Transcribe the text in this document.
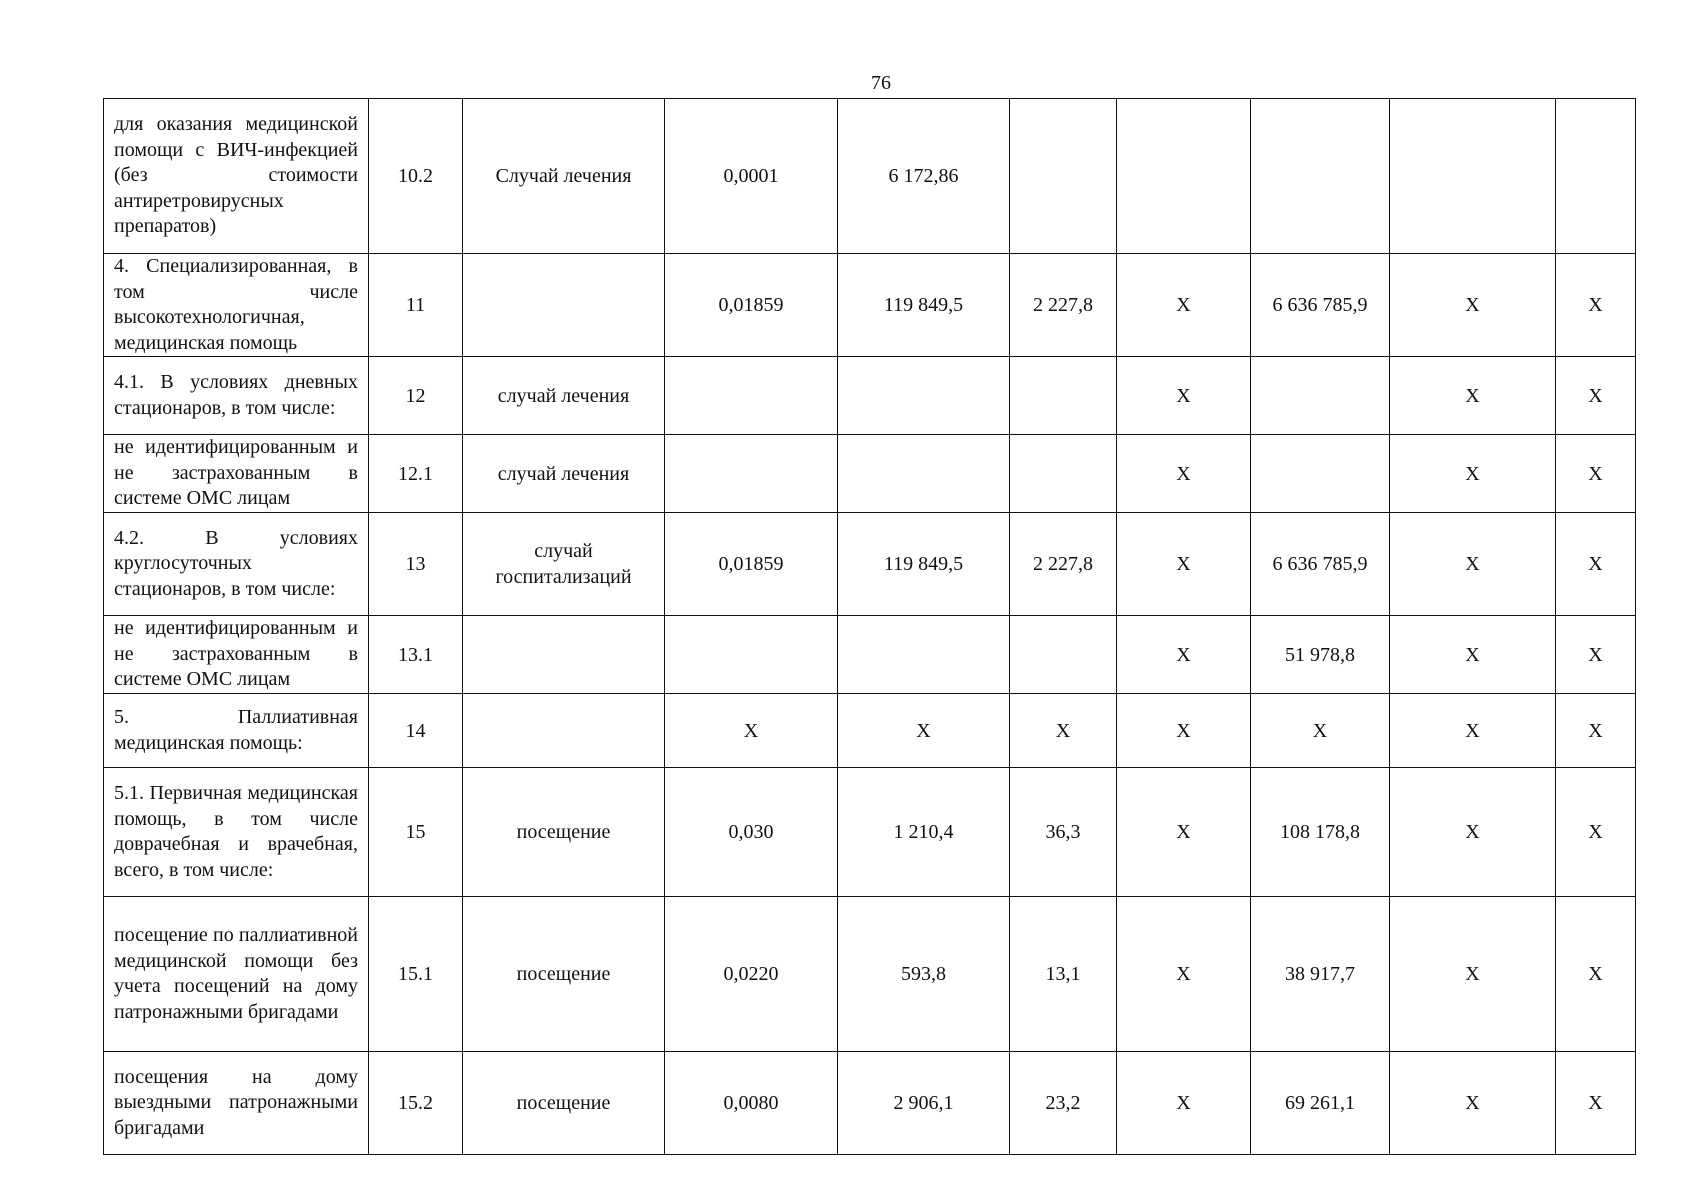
76
для оказания медицинской помощи с ВИЧ-инфекцией (без стоимости антиретровирусных препаратов)	10.2	Случай лечения	0,0001	6 172,86					
4. Специализированная, в том числе высокотехнологичная, медицинская помощь	11		0,01859	119 849,5	2 227,8	X	6 636 785,9	X	X
4.1. В условиях дневных стационаров, в том числе:	12	случай лечения				X		X	X
не идентифицированным и не застрахованным в системе ОМС лицам	12.1	случай лечения				X		X	X
4.2. В условиях круглосуточных стационаров, в том числе:	13	случай госпитализаций	0,01859	119 849,5	2 227,8	X	6 636 785,9	X	X
не идентифицированным и не застрахованным в системе ОМС лицам	13.1					X	51 978,8	X	X
5. Паллиативная медицинская помощь:	14		X	X	X	X	X	X	X
5.1. Первичная медицинская помощь, в том числе доврачебная и врачебная, всего, в том числе:	15	посещение	0,030	1 210,4	36,3	X	108 178,8	X	X
посещение по паллиативной медицинской помощи без учета посещений на дому патронажными бригадами	15.1	посещение	0,0220	593,8	13,1	X	38 917,7	X	X
посещения на дому выездными патронажными бригадами	15.2	посещение	0,0080	2 906,1	23,2	X	69 261,1	X	X
